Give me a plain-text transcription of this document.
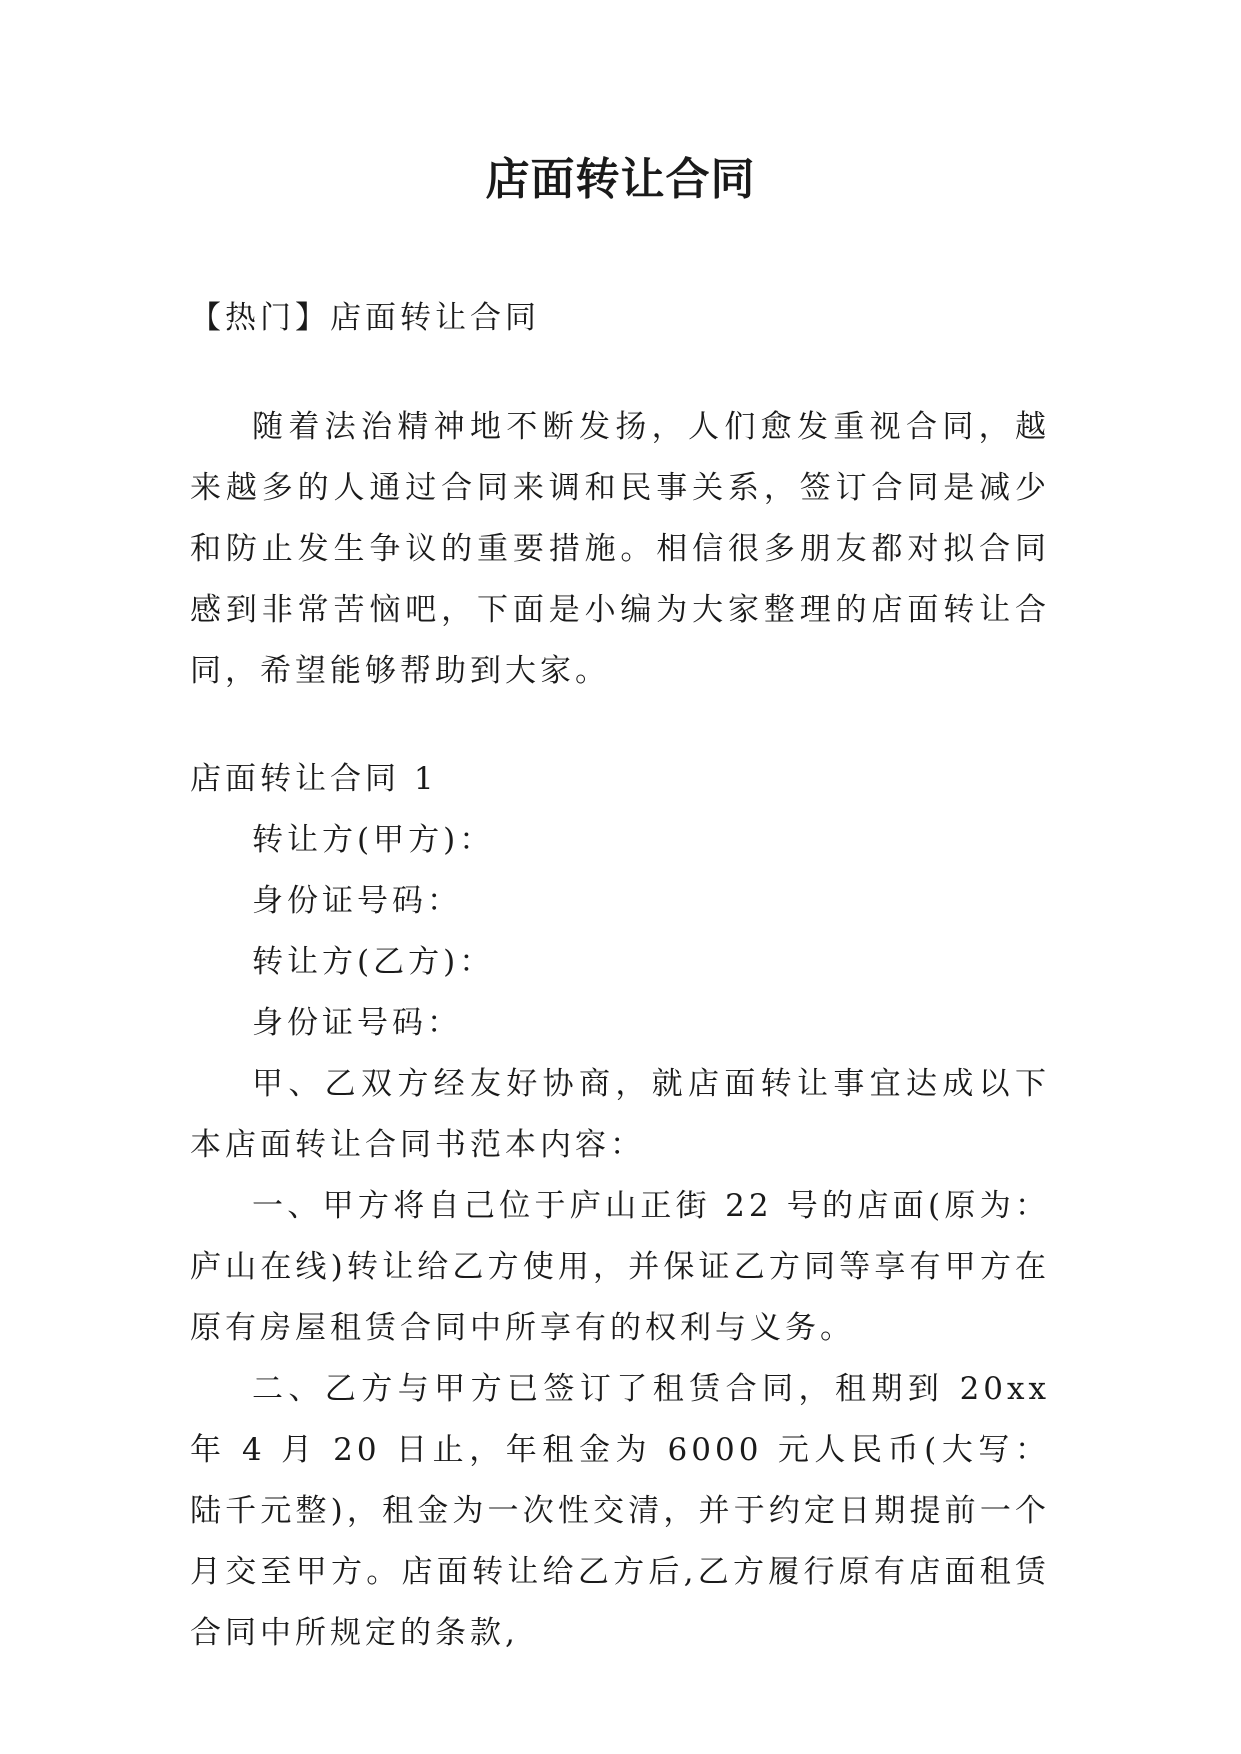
店面转让合同

【热门】店面转让合同

随着法治精神地不断发扬，人们愈发重视合同，越来越多的人通过合同来调和民事关系，签订合同是减少和防止发生争议的重要措施。相信很多朋友都对拟合同感到非常苦恼吧，下面是小编为大家整理的店面转让合同，希望能够帮助到大家。

店面转让合同 1

转让方(甲方)：

身份证号码：

转让方(乙方)：

身份证号码：

甲、乙双方经友好协商，就店面转让事宜达成以下本店面转让合同书范本内容：

一、甲方将自己位于庐山正街 22 号的店面(原为：庐山在线)转让给乙方使用，并保证乙方同等享有甲方在原有房屋租赁合同中所享有的权利与义务。

二、乙方与甲方已签订了租赁合同，租期到 20xx 年 4 月 20 日止，年租金为 6000 元人民币(大写：陆千元整)，租金为一次性交清，并于约定日期提前一个月交至甲方。店面转让给乙方后,乙方履行原有店面租赁合同中所规定的条款,
